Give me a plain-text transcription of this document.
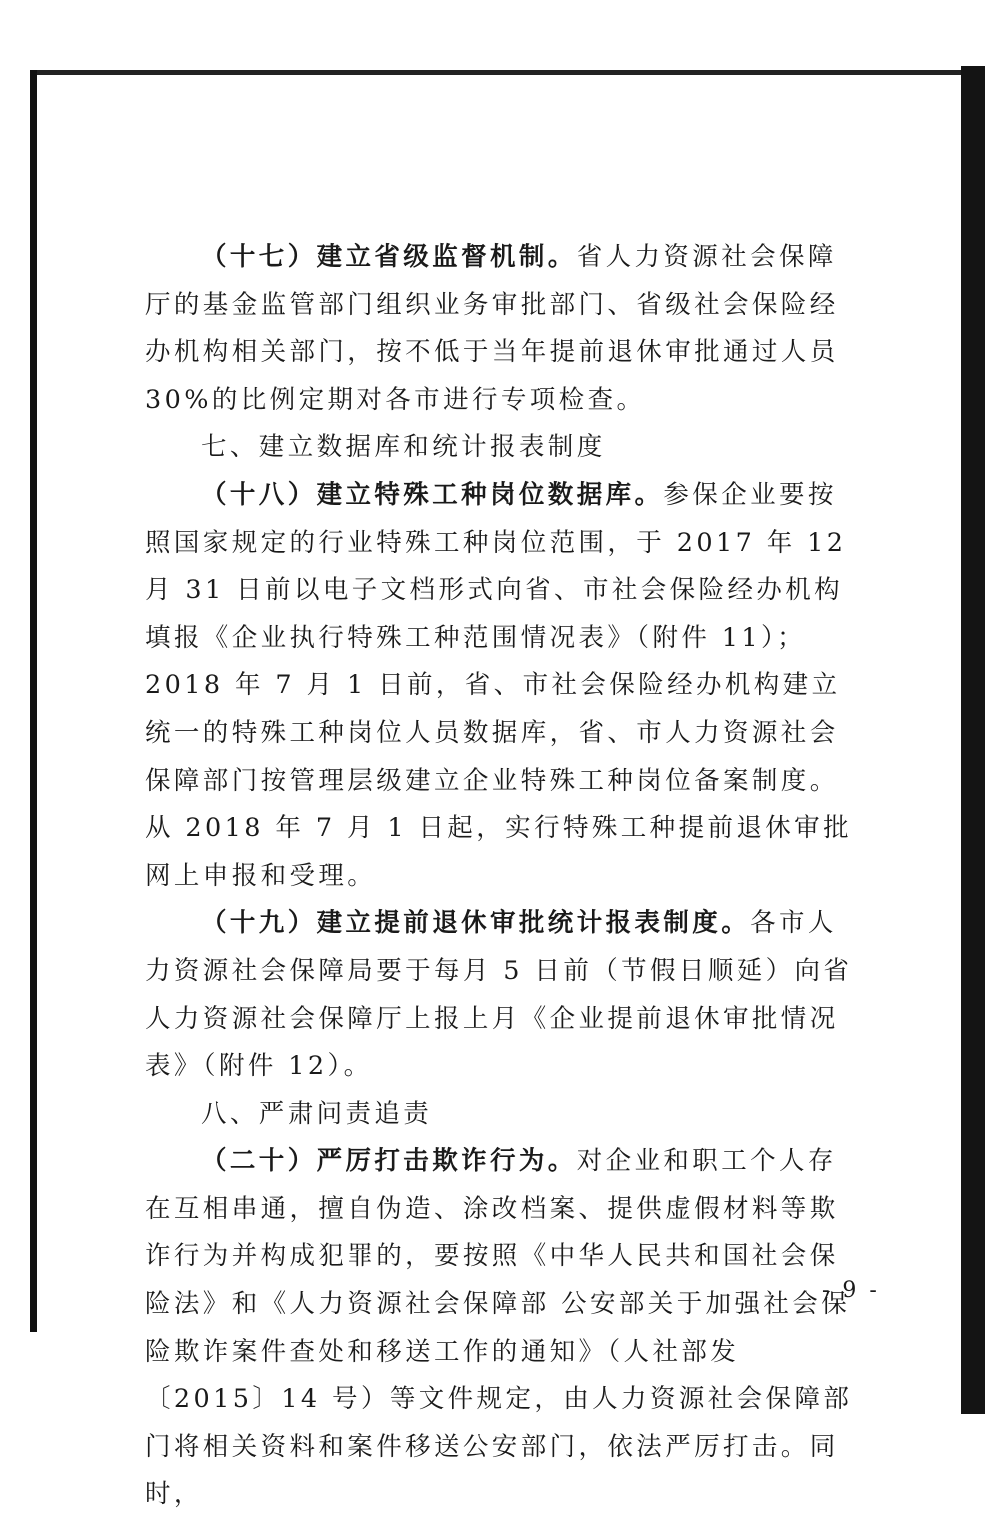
（十七）建立省级监督机制。省人力资源社会保障厅的基金监管部门组织业务审批部门、省级社会保险经办机构相关部门，按不低于当年提前退休审批通过人员 30%的比例定期对各市进行专项检查。

七、建立数据库和统计报表制度

（十八）建立特殊工种岗位数据库。参保企业要按照国家规定的行业特殊工种岗位范围，于 2017 年 12 月 31 日前以电子文档形式向省、市社会保险经办机构填报《企业执行特殊工种范围情况表》（附件 11）；2018 年 7 月 1 日前，省、市社会保险经办机构建立统一的特殊工种岗位人员数据库，省、市人力资源社会保障部门按管理层级建立企业特殊工种岗位备案制度。从 2018 年 7 月 1 日起，实行特殊工种提前退休审批网上申报和受理。

（十九）建立提前退休审批统计报表制度。各市人力资源社会保障局要于每月 5 日前（节假日顺延）向省人力资源社会保障厅上报上月《企业提前退休审批情况表》（附件 12）。

八、严肃问责追责

（二十）严厉打击欺诈行为。对企业和职工个人存在互相串通，擅自伪造、涂改档案、提供虚假材料等欺诈行为并构成犯罪的，要按照《中华人民共和国社会保险法》和《人力资源社会保障部 公安部关于加强社会保险欺诈案件查处和移送工作的通知》（人社部发〔2015〕14 号）等文件规定，由人力资源社会保障部门将相关资料和案件移送公安部门，依法严厉打击。同时，

- 9 -
